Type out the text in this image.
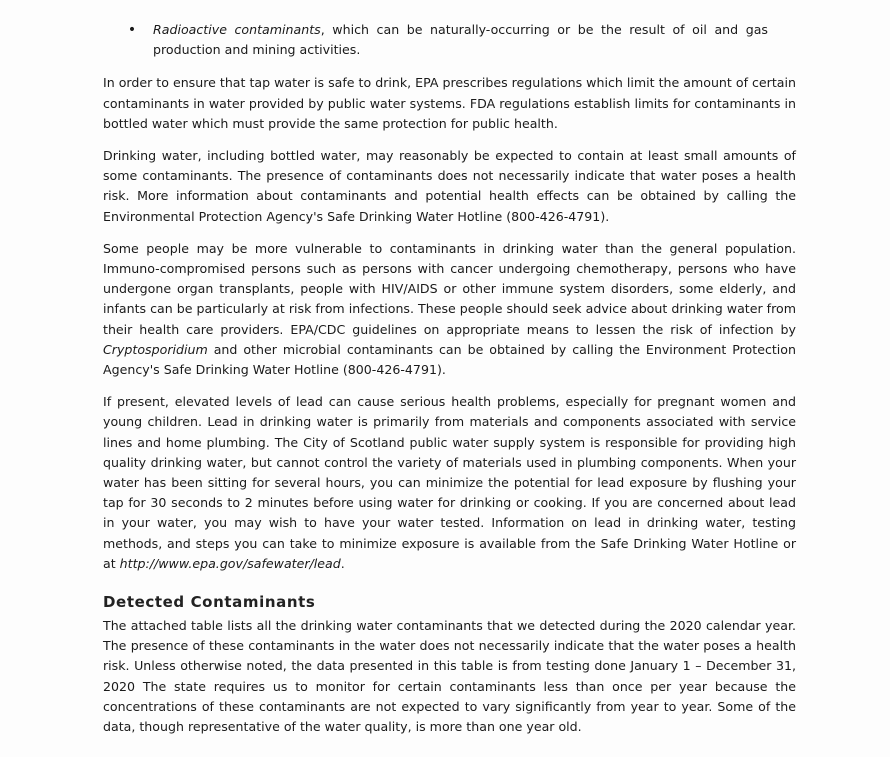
•	Radioactive contaminants, which can be naturally-occurring or be the result of oil and gas production and mining activities.

In order to ensure that tap water is safe to drink, EPA prescribes regulations which limit the amount of certain contaminants in water provided by public water systems. FDA regulations establish limits for contaminants in bottled water which must provide the same protection for public health.

Drinking water, including bottled water, may reasonably be expected to contain at least small amounts of some contaminants. The presence of contaminants does not necessarily indicate that water poses a health risk. More information about contaminants and potential health effects can be obtained by calling the Environmental Protection Agency's Safe Drinking Water Hotline (800-426-4791).

Some people may be more vulnerable to contaminants in drinking water than the general population. Immuno-compromised persons such as persons with cancer undergoing chemotherapy, persons who have undergone organ transplants, people with HIV/AIDS or other immune system disorders, some elderly, and infants can be particularly at risk from infections. These people should seek advice about drinking water from their health care providers. EPA/CDC guidelines on appropriate means to lessen the risk of infection by Cryptosporidium and other microbial contaminants can be obtained by calling the Environment Protection Agency's Safe Drinking Water Hotline (800-426-4791).

If present, elevated levels of lead can cause serious health problems, especially for pregnant women and young children. Lead in drinking water is primarily from materials and components associated with service lines and home plumbing. The City of Scotland public water supply system is responsible for providing high quality drinking water, but cannot control the variety of materials used in plumbing components. When your water has been sitting for several hours, you can minimize the potential for lead exposure by flushing your tap for 30 seconds to 2 minutes before using water for drinking or cooking. If you are concerned about lead in your water, you may wish to have your water tested. Information on lead in drinking water, testing methods, and steps you can take to minimize exposure is available from the Safe Drinking Water Hotline or at http://www.epa.gov/safewater/lead.

Detected Contaminants

The attached table lists all the drinking water contaminants that we detected during the 2020 calendar year. The presence of these contaminants in the water does not necessarily indicate that the water poses a health risk. Unless otherwise noted, the data presented in this table is from testing done January 1 – December 31, 2020 The state requires us to monitor for certain contaminants less than once per year because the concentrations of these contaminants are not expected to vary significantly from year to year. Some of the data, though representative of the water quality, is more than one year old.
